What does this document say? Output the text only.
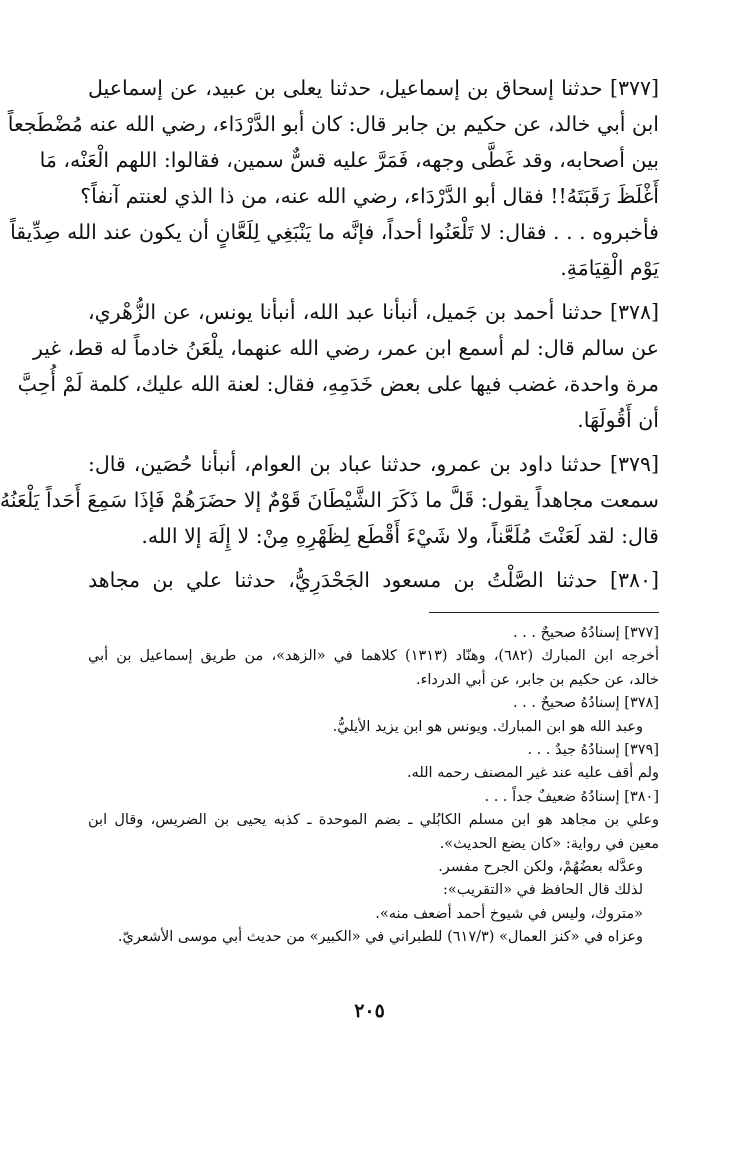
[٣٧٧] حدثنا إسحاق بن إسماعيل، حدثنا يعلى بن عبيد، عن إسماعيل
ابن أبي خالد، عن حكيم بن جابر قال: كان أبو الدَّرْدَاء، رضي الله عنه مُضْطَجعاً
بين أصحابه، وقد غَطَّى وجهه، فَمَرَّ عليه قسٌّ سمين، فقالوا: اللهم الْعَنْه، مَا
أَغْلَظَ رَقَبَتَهُ!! فقال أبو الدَّرْدَاء، رضي الله عنه، من ذا الذي لعنتم آنفاً؟
فأخبروه . . . فقال: لا تَلْعَنُوا أحداً، فإنَّه ما يَنْبَغِي لِلَعَّانٍ أن يكون عند الله صِدِّيقاً
يَوْم الْقِيَامَةِ.
[٣٧٨] حدثنا أحمد بن جَميل، أنبأنا عبد الله، أنبأنا يونس، عن الزُّهْري،
عن سالم قال: لم أسمع ابن عمر، رضي الله عنهما، يلْعَنُ خادماً له قط، غير
مرة واحدة، غضب فيها على بعض خَدَمِهِ، فقال: لعنة الله عليك، كلمة لَمْ أُحِبَّ
أن أَقُولَهَا.
[٣٧٩] حدثنا داود بن عمرو، حدثنا عباد بن العوام، أنبأنا حُصَين، قال:
سمعت مجاهداً يقول: قَلَّ ما ذَكَرَ الشَّيْطَانَ قَوْمٌ إلا حضَرَهُمْ فَإذَا سَمِعَ أَحَداً يَلْعَنُهُ
قال: لقد لَعَنْتَ مُلَعَّناً، ولا شَيْءَ أَقْطَع لِظَهْرِهِ مِنْ: لا إِلَهَ إلا الله.
[٣٨٠] حدثنا الصَّلْتُ بن مسعود الجَحْدَرِيُّ، حدثنا علي بن مجاهد
[٣٧٧] إسنادُهُ صحيحٌ . . .
أخرجه ابن المبارك (٦٨٢)، وهنّاد (١٣١٣) كلاهما في «الزهد»، من طريق إسماعيل بن أبي
خالد، عن حكيم بن جابر، عن أبي الدرداء.
[٣٧٨] إسنادُهُ صحيحٌ . . .
وعبد الله هو ابن المبارك. ويونس هو ابن يزيد الأيليُّ.
[٣٧٩] إسنادُهُ جيدٌ . . .
ولم أقف عليه عند غير المصنف رحمه الله.
[٣٨٠] إسنادُهُ ضعيفٌ جداً . . .
وعلي بن مجاهد هو ابن مسلم الكابُلي ـ بضم الموحدة ـ كذبه يحيى بن الضريس، وقال ابن
معين في رواية: «كان يضع الحديث».
وعدَّله بعضُهُمْ، ولكن الجرح مفسر.
لذلك قال الحافظ في «التقريب»:
«متروك، وليس في شيوخ أحمد أضعف منه».
وعزاه في «كنز العمال» (٦١٧/٣) للطبراني في «الكبير» من حديث أبي موسى الأشعريّ.
٢٠٥
